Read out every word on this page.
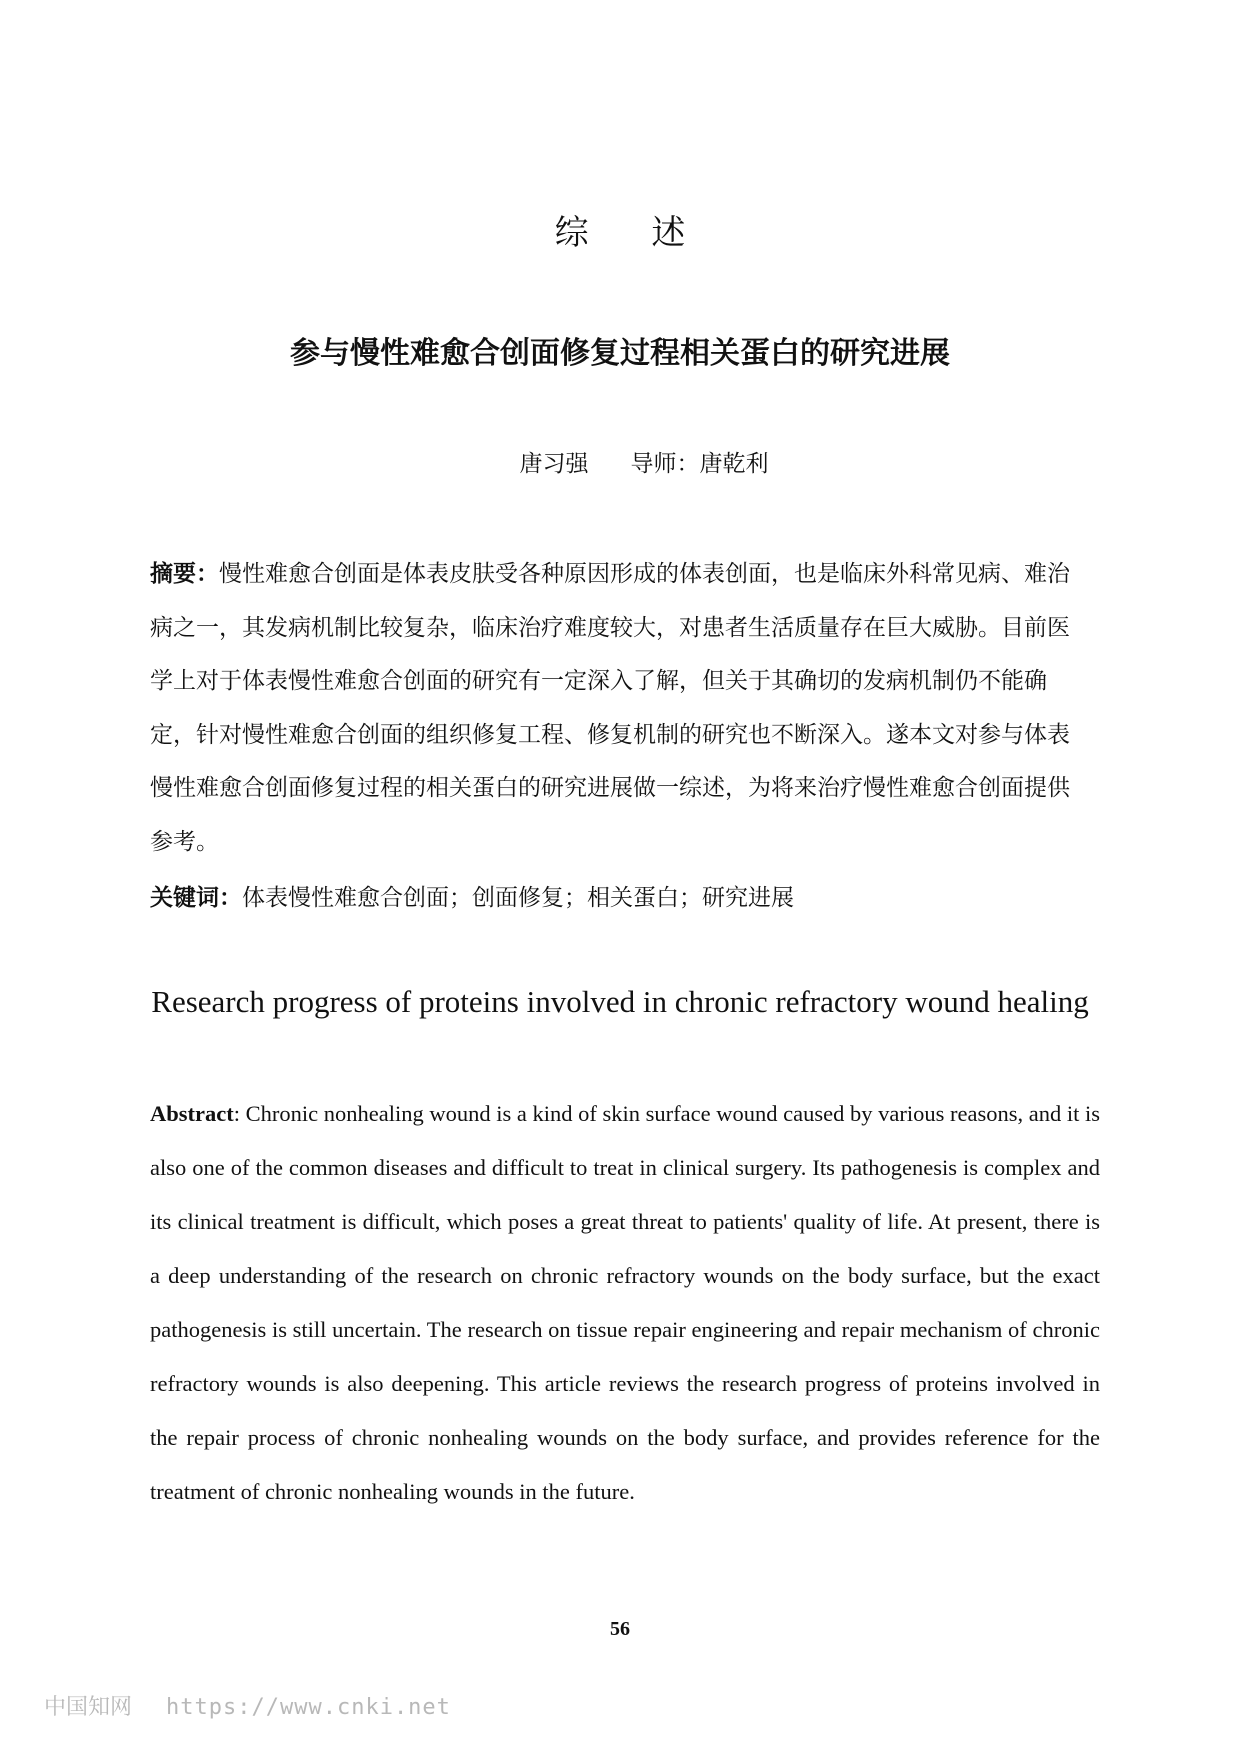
综 述
参与慢性难愈合创面修复过程相关蛋白的研究进展
唐习强 导师：唐乾利

摘要：慢性难愈合创面是体表皮肤受各种原因形成的体表创面，也是临床外科常见病、难治病之一，其发病机制比较复杂，临床治疗难度较大，对患者生活质量存在巨大威胁。目前医学上对于体表慢性难愈合创面的研究有一定深入了解，但关于其确切的发病机制仍不能确定，针对慢性难愈合创面的组织修复工程、修复机制的研究也不断深入。遂本文对参与体表慢性难愈合创面修复过程的相关蛋白的研究进展做一综述，为将来治疗慢性难愈合创面提供参考。

关键词：体表慢性难愈合创面；创面修复；相关蛋白；研究进展

Research progress of proteins involved in chronic refractory wound healing

Abstract: Chronic nonhealing wound is a kind of skin surface wound caused by various reasons, and it is also one of the common diseases and difficult to treat in clinical surgery. Its pathogenesis is complex and its clinical treatment is difficult, which poses a great threat to patients' quality of life. At present, there is a deep understanding of the research on chronic refractory wounds on the body surface, but the exact pathogenesis is still uncertain. The research on tissue repair engineering and repair mechanism of chronic refractory wounds is also deepening. This article reviews the research progress of proteins involved in the repair process of chronic nonhealing wounds on the body surface, and provides reference for the treatment of chronic nonhealing wounds in the future.

56
中国知网 https://www.cnki.net
